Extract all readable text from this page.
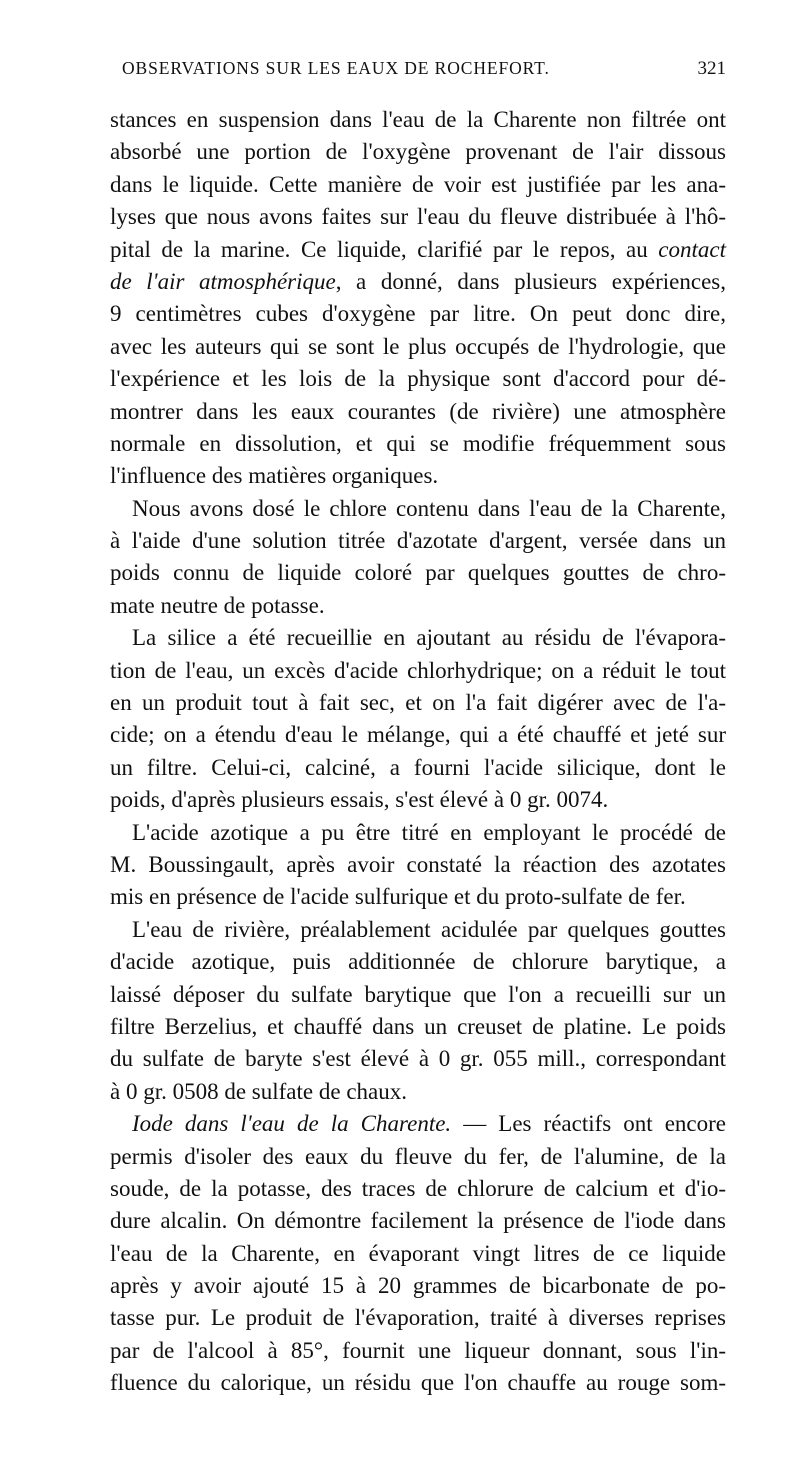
OBSERVATIONS SUR LES EAUX DE ROCHEFORT.	321
stances en suspension dans l'eau de la Charente non filtrée ont
absorbé une portion de l'oxygène provenant de l'air dissous
dans le liquide. Cette manière de voir est justifiée par les ana-
lyses que nous avons faites sur l'eau du fleuve distribuée à l'hô-
pital de la marine. Ce liquide, clarifié par le repos, au contact
de l'air atmosphérique, a donné, dans plusieurs expériences,
9 centimètres cubes d'oxygène par litre. On peut donc dire,
avec les auteurs qui se sont le plus occupés de l'hydrologie, que
l'expérience et les lois de la physique sont d'accord pour dé-
montrer dans les eaux courantes (de rivière) une atmosphère
normale en dissolution, et qui se modifie fréquemment sous
l'influence des matières organiques.
Nous avons dosé le chlore contenu dans l'eau de la Charente,
à l'aide d'une solution titrée d'azotate d'argent, versée dans un
poids connu de liquide coloré par quelques gouttes de chro-
mate neutre de potasse.
La silice a été recueillie en ajoutant au résidu de l'évapora-
tion de l'eau, un excès d'acide chlorhydrique; on a réduit le tout
en un produit tout à fait sec, et on l'a fait digérer avec de l'a-
cide; on a étendu d'eau le mélange, qui a été chauffé et jeté sur
un filtre. Celui-ci, calciné, a fourni l'acide silicique, dont le
poids, d'après plusieurs essais, s'est élevé à 0 gr. 0074.
L'acide azotique a pu être titré en employant le procédé de
M. Boussingault, après avoir constaté la réaction des azotates
mis en présence de l'acide sulfurique et du proto-sulfate de fer.
L'eau de rivière, préalablement acidulée par quelques gouttes
d'acide azotique, puis additionnée de chlorure barytique, a
laissé déposer du sulfate barytique que l'on a recueilli sur un
filtre Berzelius, et chauffé dans un creuset de platine. Le poids
du sulfate de baryte s'est élevé à 0 gr. 055 mill., correspondant
à 0 gr. 0508 de sulfate de chaux.
Iode dans l'eau de la Charente. — Les réactifs ont encore
permis d'isoler des eaux du fleuve du fer, de l'alumine, de la
soude, de la potasse, des traces de chlorure de calcium et d'io-
dure alcalin. On démontre facilement la présence de l'iode dans
l'eau de la Charente, en évaporant vingt litres de ce liquide
après y avoir ajouté 15 à 20 grammes de bicarbonate de po-
tasse pur. Le produit de l'évaporation, traité à diverses reprises
par de l'alcool à 85°, fournit une liqueur donnant, sous l'in-
fluence du calorique, un résidu que l'on chauffe au rouge som-
